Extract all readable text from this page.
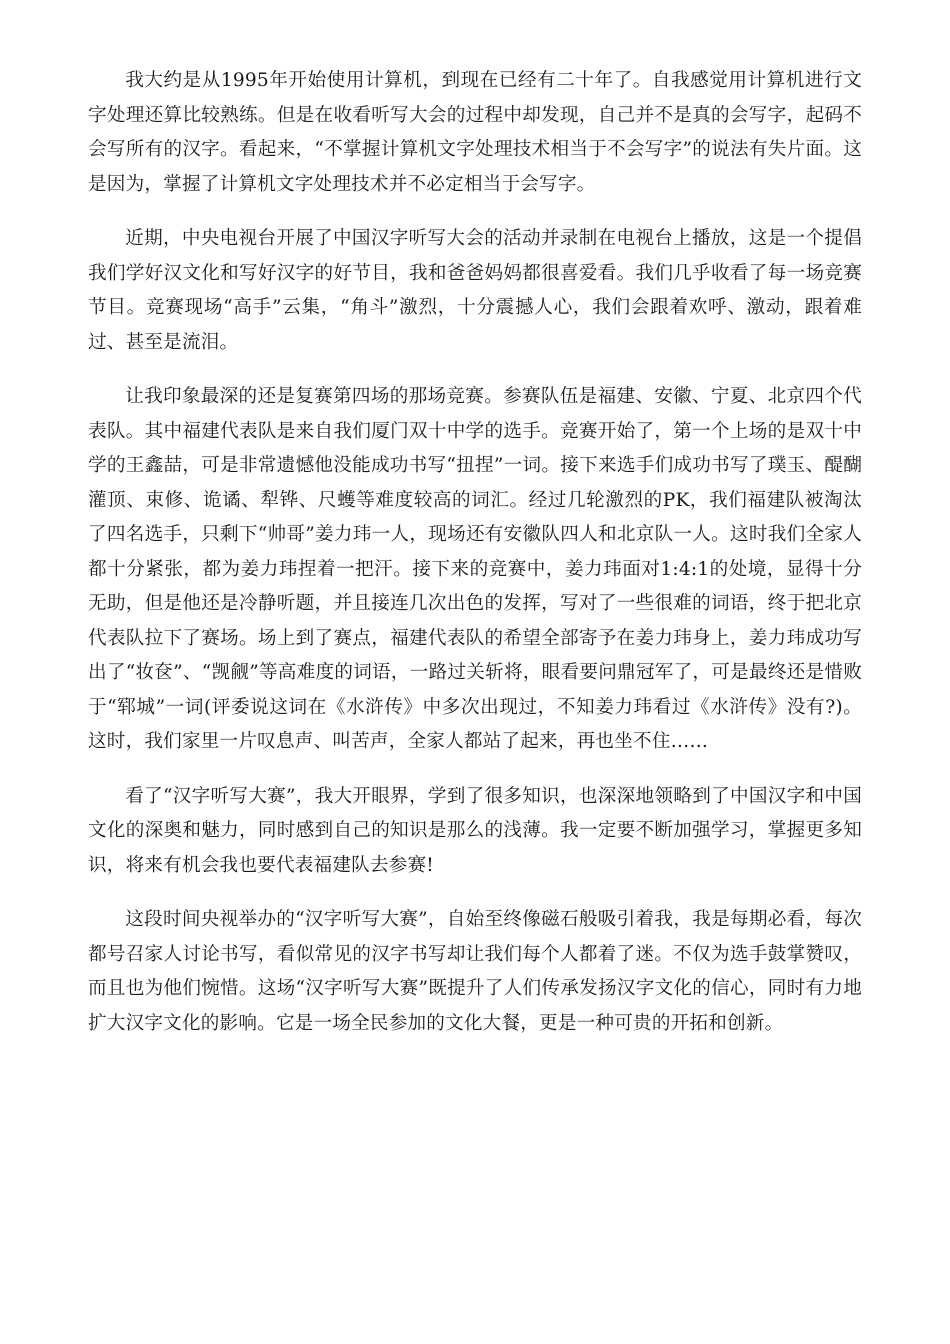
我大约是从1995年开始使用计算机，到现在已经有二十年了。自我感觉用计算机进行文字处理还算比较熟练。但是在收看听写大会的过程中却发现，自己并不是真的会写字，起码不会写所有的汉字。看起来，“不掌握计算机文字处理技术相当于不会写字”的说法有失片面。这是因为，掌握了计算机文字处理技术并不必定相当于会写字。

近期，中央电视台开展了中国汉字听写大会的活动并录制在电视台上播放，这是一个提倡我们学好汉文化和写好汉字的好节目，我和爸爸妈妈都很喜爱看。我们几乎收看了每一场竞赛节目。竞赛现场“高手”云集，“角斗”激烈，十分震撼人心，我们会跟着欢呼、激动，跟着难过、甚至是流泪。

让我印象最深的还是复赛第四场的那场竞赛。参赛队伍是福建、安徽、宁夏、北京四个代表队。其中福建代表队是来自我们厦门双十中学的选手。竞赛开始了，第一个上场的是双十中学的王鑫喆，可是非常遗憾他没能成功书写“扭捏”一词。接下来选手们成功书写了璞玉、醍醐灌顶、束修、诡谲、犁铧、尺蠖等难度较高的词汇。经过几轮激烈的PK，我们福建队被淘汰了四名选手，只剩下“帅哥”姜力玮一人，现场还有安徽队四人和北京队一人。这时我们全家人都十分紧张，都为姜力玮捏着一把汗。接下来的竞赛中，姜力玮面对1:4:1的处境，显得十分无助，但是他还是冷静听题，并且接连几次出色的发挥，写对了一些很难的词语，终于把北京代表队拉下了赛场。场上到了赛点，福建代表队的希望全部寄予在姜力玮身上，姜力玮成功写出了“妆奁”、“觊觎”等高难度的词语，一路过关斩将，眼看要问鼎冠军了，可是最终还是惜败于“郓城”一词(评委说这词在《水浒传》中多次出现过，不知姜力玮看过《水浒传》没有?)。这时，我们家里一片叹息声、叫苦声，全家人都站了起来，再也坐不住……

看了“汉字听写大赛”，我大开眼界，学到了很多知识，也深深地领略到了中国汉字和中国文化的深奥和魅力，同时感到自己的知识是那么的浅薄。我一定要不断加强学习，掌握更多知识，将来有机会我也要代表福建队去参赛!

这段时间央视举办的“汉字听写大赛”，自始至终像磁石般吸引着我，我是每期必看，每次都号召家人讨论书写，看似常见的汉字书写却让我们每个人都着了迷。不仅为选手鼓掌赞叹，而且也为他们惋惜。这场“汉字听写大赛”既提升了人们传承发扬汉字文化的信心，同时有力地扩大汉字文化的影响。它是一场全民参加的文化大餐，更是一种可贵的开拓和创新。
